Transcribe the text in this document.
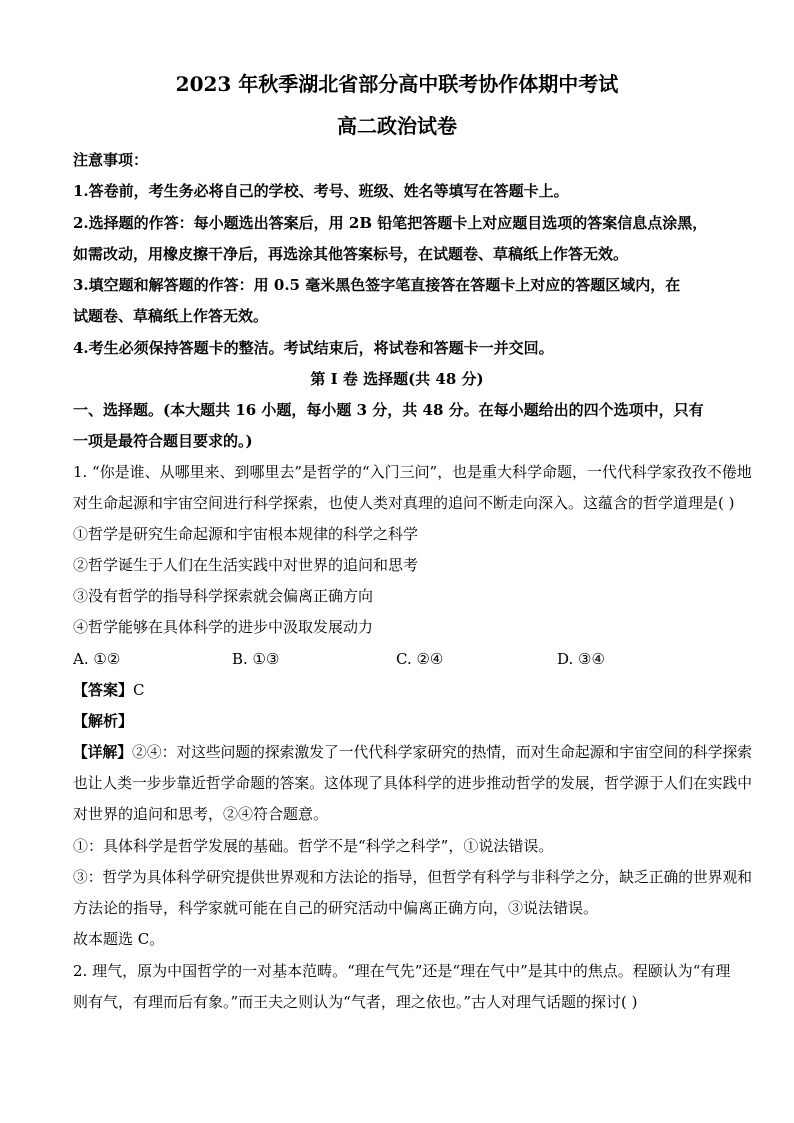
2023 年秋季湖北省部分高中联考协作体期中考试
高二政治试卷
注意事项：
1.答卷前，考生务必将自己的学校、考号、班级、姓名等填写在答题卡上。
2.选择题的作答：每小题选出答案后，用 2B 铅笔把答题卡上对应题目选项的答案信息点涂黑，
如需改动，用橡皮擦干净后，再选涂其他答案标号，在试题卷、草稿纸上作答无效。
3.填空题和解答题的作答：用 0.5 毫米黑色签字笔直接答在答题卡上对应的答题区域内，在
试题卷、草稿纸上作答无效。
4.考生必须保持答题卡的整洁。考试结束后，将试卷和答题卡一并交回。
第 I 卷 选择题(共 48 分)
一、选择题。(本大题共 16 小题，每小题 3 分，共 48 分。在每小题给出的四个选项中，只有
一项是最符合题目要求的。)
1. “你是谁、从哪里来、到哪里去”是哲学的“入门三问”，也是重大科学命题，一代代科学家孜孜不倦地
对生命起源和宇宙空间进行科学探索，也使人类对真理的追问不断走向深入。这蕴含的哲学道理是( )
①哲学是研究生命起源和宇宙根本规律的科学之科学
②哲学诞生于人们在生活实践中对世界的追问和思考
③没有哲学的指导科学探索就会偏离正确方向
④哲学能够在具体科学的进步中汲取发展动力
A. ①②	B. ①③	C. ②④	D. ③④
【答案】C
【解析】
【详解】②④：对这些问题的探索激发了一代代科学家研究的热情，而对生命起源和宇宙空间的科学探索
也让人类一步步靠近哲学命题的答案。这体现了具体科学的进步推动哲学的发展，哲学源于人们在实践中
对世界的追问和思考，②④符合题意。
①：具体科学是哲学发展的基础。哲学不是“科学之科学”，①说法错误。
③：哲学为具体科学研究提供世界观和方法论的指导，但哲学有科学与非科学之分，缺乏正确的世界观和
方法论的指导，科学家就可能在自己的研究活动中偏离正确方向，③说法错误。
故本题选 C。
2. 理气，原为中国哲学的一对基本范畴。“理在气先”还是“理在气中”是其中的焦点。程颐认为“有理
则有气，有理而后有象。”而王夫之则认为“气者，理之依也。”古人对理气话题的探讨( )
